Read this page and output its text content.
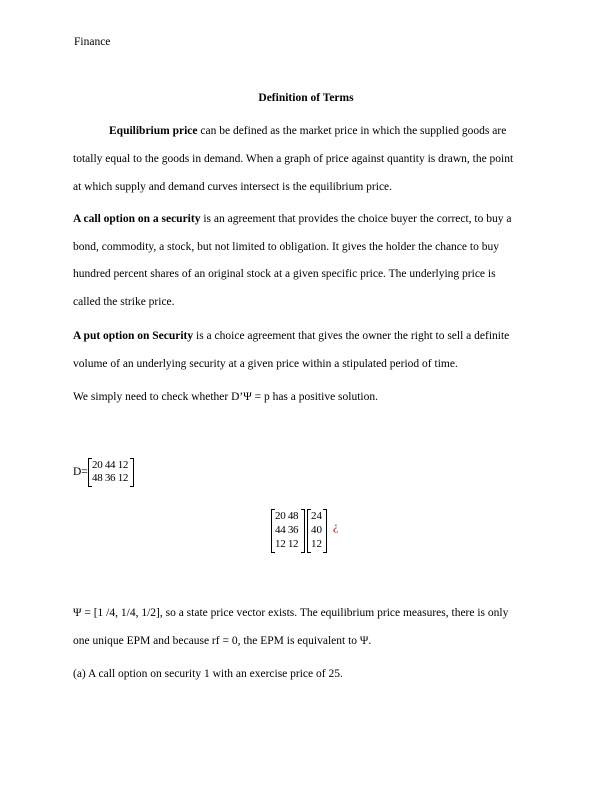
Finance
Definition of Terms
Equilibrium price can be defined as the market price in which the supplied goods are
totally equal to the goods in demand. When a graph of price against quantity is drawn, the point
at which supply and demand curves intersect is the equilibrium price.
A call option on a security is an agreement that provides the choice buyer the correct, to buy a
bond, commodity, a stock, but not limited to obligation. It gives the holder the chance to buy
hundred percent shares of an original stock at a given specific price. The underlying price is
called the strike price.
A put option on Security is a choice agreement that gives the owner the right to sell a definite
volume of an underlying security at a given price within a stipulated period of time.
We simply need to check whether D’Ψ = p has a positive solution.
D=
20 44 12
48 36 12
20 48
44 36
12 12
24
40
12
¿
Ψ = [1 /4, 1/4, 1/2], so a state price vector exists. The equilibrium price measures, there is only
one unique EPM and because rf = 0, the EPM is equivalent to Ψ.
(a) A call option on security 1 with an exercise price of 25.
